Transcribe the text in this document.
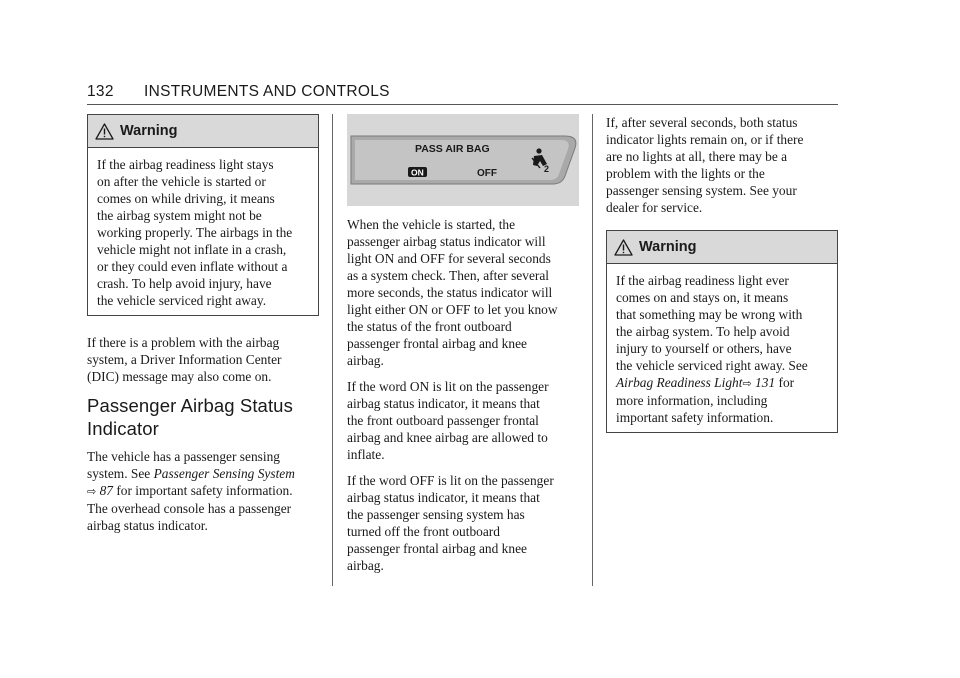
132 INSTRUMENTS AND CONTROLS
Warning

If the airbag readiness light stays
on after the vehicle is started or
comes on while driving, it means
the airbag system might not be
working properly. The airbags in the
vehicle might not inflate in a crash,
or they could even inflate without a
crash. To help avoid injury, have
the vehicle serviced right away.

If there is a problem with the airbag
system, a Driver Information Center
(DIC) message may also come on.

Passenger Airbag Status
Indicator

The vehicle has a passenger sensing
system. See Passenger Sensing System
⇨ 87 for important safety information.
The overhead console has a passenger
airbag status indicator.

PASS AIR BAG
ON	OFF	2

When the vehicle is started, the
passenger airbag status indicator will
light ON and OFF for several seconds
as a system check. Then, after several
more seconds, the status indicator will
light either ON or OFF to let you know
the status of the front outboard
passenger frontal airbag and knee
airbag.

If the word ON is lit on the passenger
airbag status indicator, it means that
the front outboard passenger frontal
airbag and knee airbag are allowed to
inflate.

If the word OFF is lit on the passenger
airbag status indicator, it means that
the passenger sensing system has
turned off the front outboard
passenger frontal airbag and knee
airbag.

If, after several seconds, both status
indicator lights remain on, or if there
are no lights at all, there may be a
problem with the lights or the
passenger sensing system. See your
dealer for service.

Warning

If the airbag readiness light ever
comes on and stays on, it means
that something may be wrong with
the airbag system. To help avoid
injury to yourself or others, have
the vehicle serviced right away. See
Airbag Readiness Light⇨ 131 for
more information, including
important safety information.
